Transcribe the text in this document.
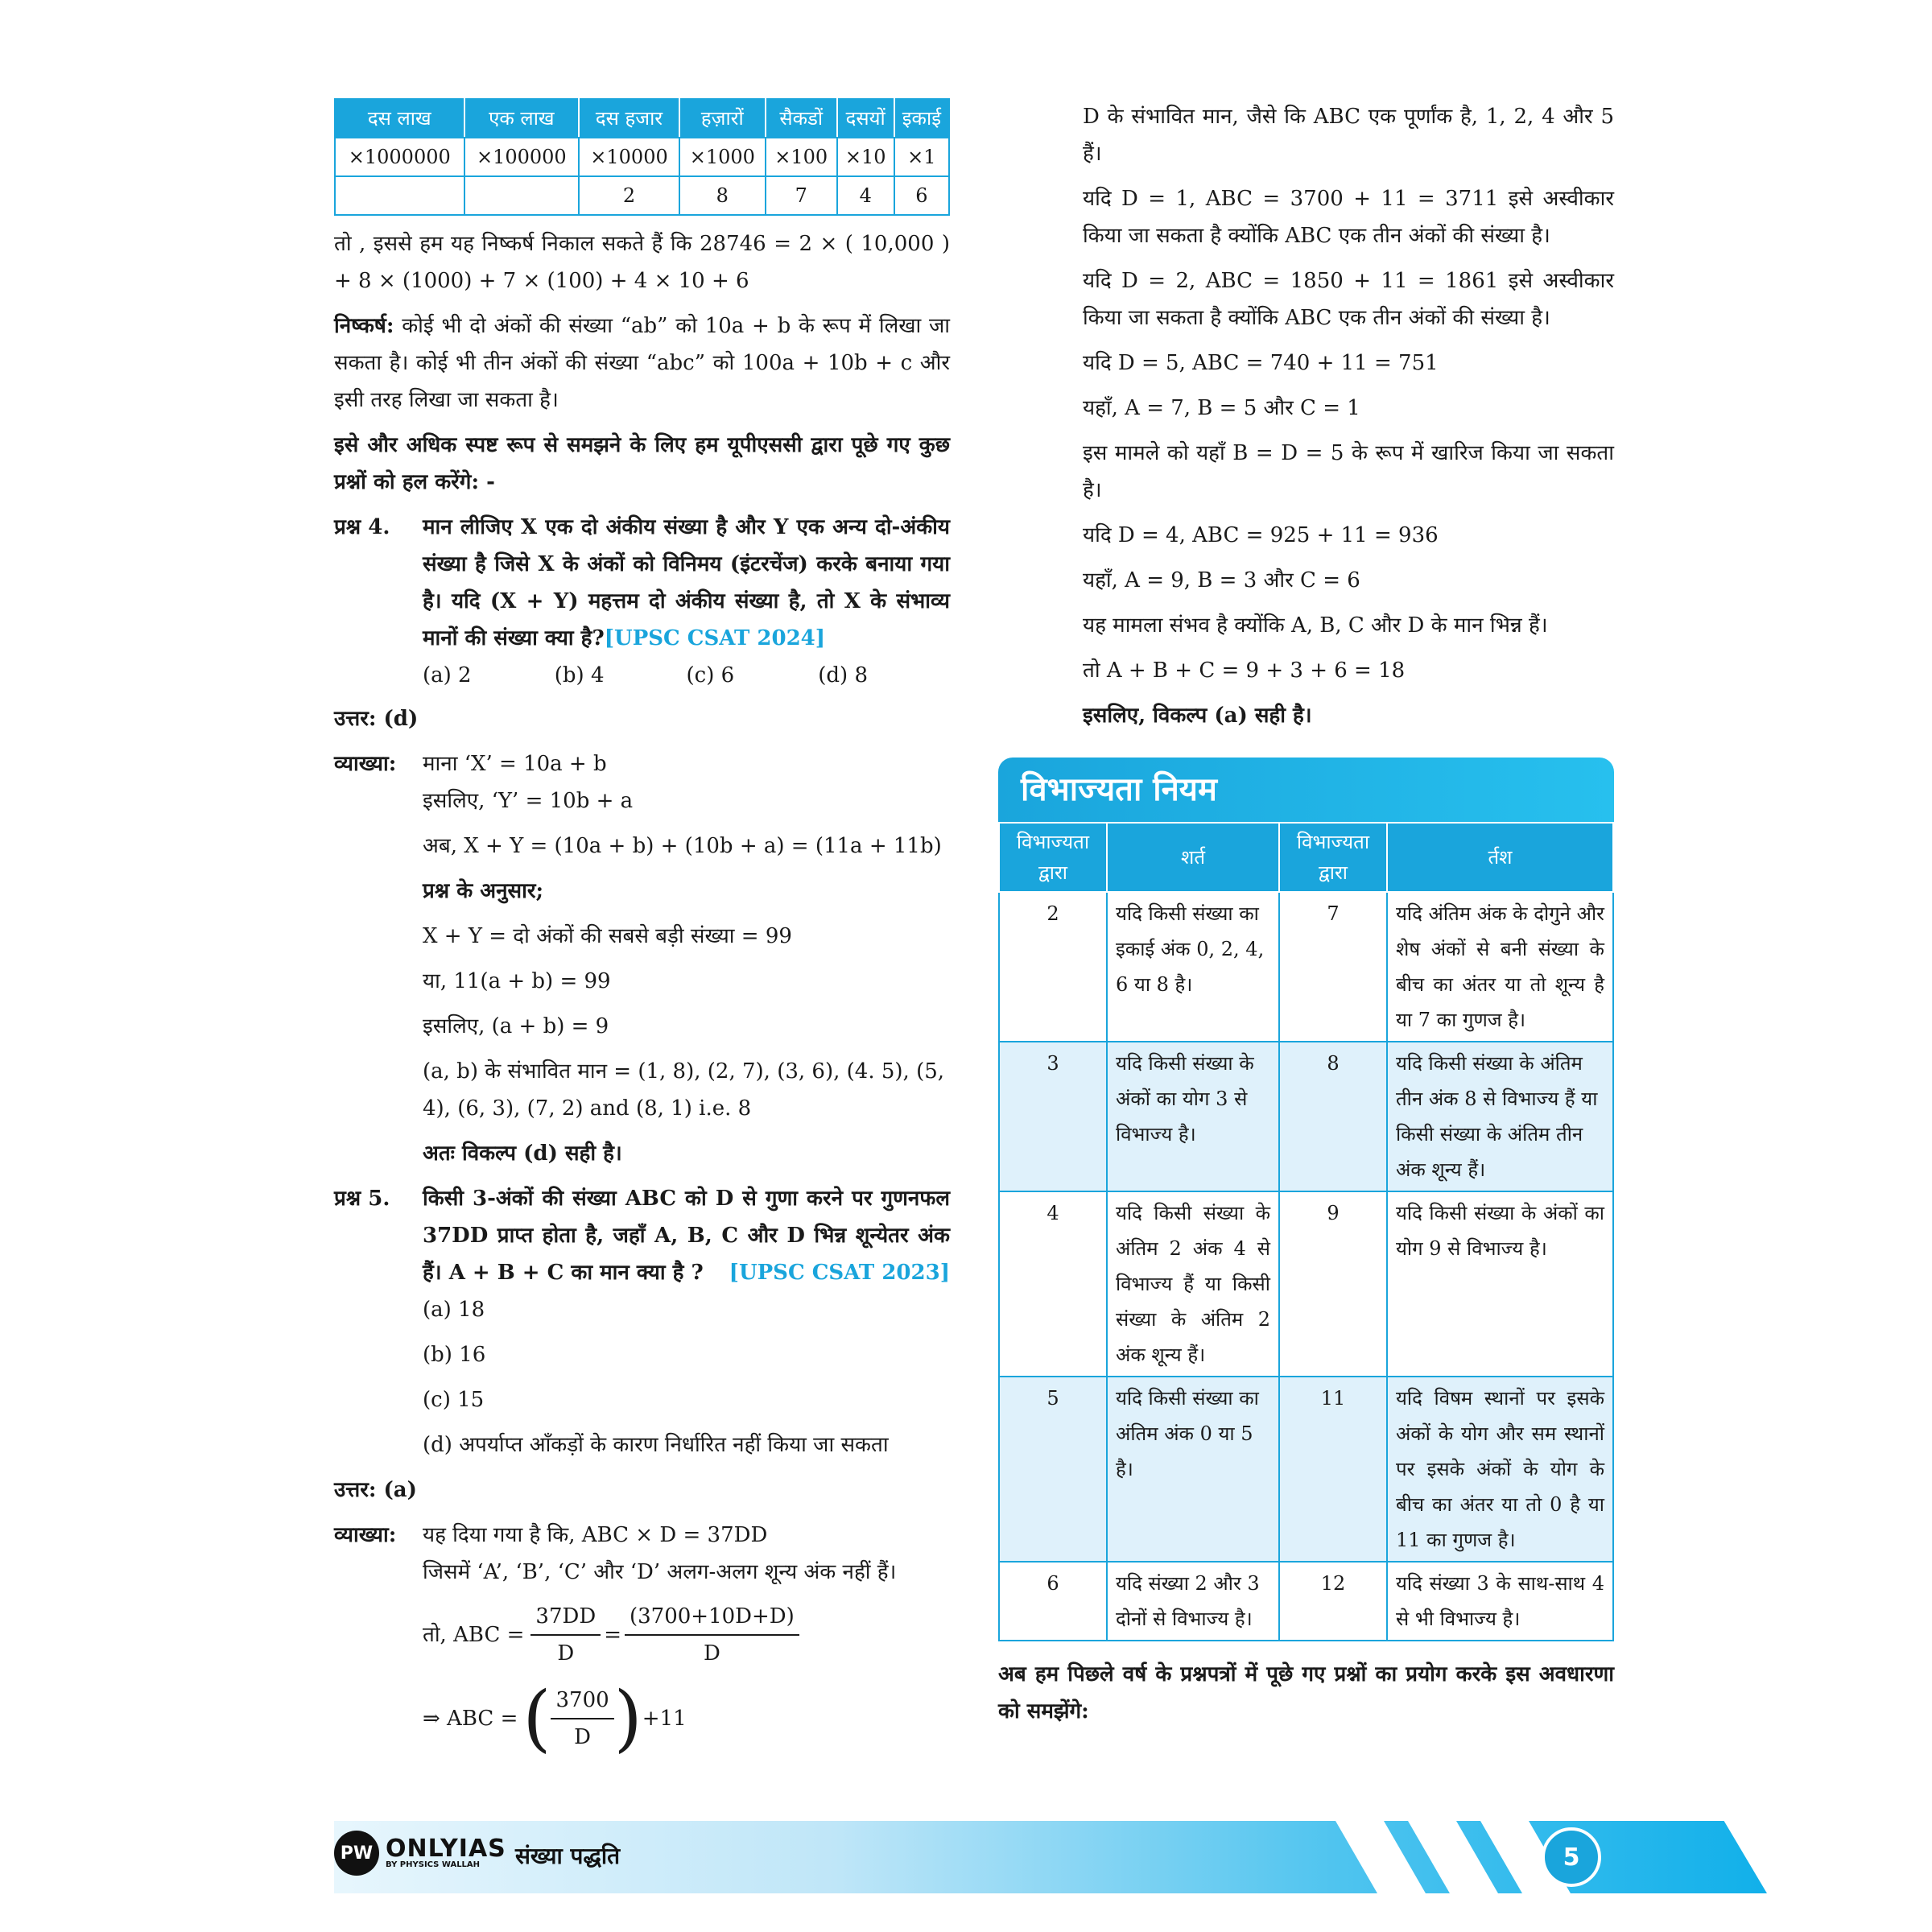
दस लाख	एक लाख	दस हजार	हज़ारों	सैकडों	दसयों	इकाई
×1000000	×100000	×10000	×1000	×100	×10	×1
		2	8	7	4	6

तो , इससे हम यह निष्कर्ष निकाल सकते हैं कि 28746 = 2 × ( 10,000 ) + 8 × (1000) + 7 × (100) + 4 × 10 + 6

निष्कर्ष: कोई भी दो अंकों की संख्या “ab” को 10a + b के रूप में लिखा जा सकता है। कोई भी तीन अंकों की संख्या “abc” को 100a + 10b + c और इसी तरह लिखा जा सकता है।

इसे और अधिक स्पष्ट रूप से समझने के लिए हम यूपीएससी द्वारा पूछे गए कुछ प्रश्नों को हल करेंगे: -

प्रश्न 4.	मान लीजिए X एक दो अंकीय संख्या है और Y एक अन्य दो-अंकीय संख्या है जिसे X के अंकों को विनिमय (इंटरचेंज) करके बनाया गया है। यदि (X + Y) महत्तम दो अंकीय संख्या है, तो X के संभाव्य मानों की संख्या क्या है?[UPSC CSAT 2024]
(a) 2	(b) 4	(c) 6	(d) 8

उत्तर: (d)

व्याख्या:	माना ‘X’ = 10a + b

इसलिए, ‘Y’ = 10b + a

अब, X + Y = (10a + b) + (10b + a) = (11a + 11b)

प्रश्न के अनुसार;

X + Y = दो अंकों की सबसे बड़ी संख्या = 99

या, 11(a + b) = 99

इसलिए, (a + b) = 9

(a, b) के संभावित मान = (1, 8), (2, 7), (3, 6), (4. 5), (5, 4), (6, 3), (7, 2) and (8, 1) i.e. 8

अतः विकल्प (d) सही है।

प्रश्न 5.	किसी 3-अंकों की संख्या ABC को D से गुणा करने पर गुणनफल 37DD प्राप्त होता है, जहाँ A, B, C और D भिन्न शून्येतर अंक हैं। A + B + C का मान क्या है ? [UPSC CSAT 2023]
(a) 18
(b) 16
(c) 15
(d) अपर्याप्त आँकड़ों के कारण निर्धारित नहीं किया जा सकता

उत्तर: (a)

व्याख्या:	यह दिया गया है कि, ABC × D = 37DD

जिसमें ‘A’, ‘B’, ‘C’ और ‘D’ अलग-अलग शून्य अंक नहीं हैं।

तो, ABC = $\frac{37DD}{D} = \frac{(3700+10D+D)}{D}$
⇒ ABC = ( $\frac{3700}{D}$ ) +11

D के संभावित मान, जैसे कि ABC एक पूर्णांक है, 1, 2, 4 और 5 हैं।

यदि D = 1, ABC = 3700 + 11 = 3711 इसे अस्वीकार किया जा सकता है क्योंकि ABC एक तीन अंकों की संख्या है।

यदि D = 2, ABC = 1850 + 11 = 1861 इसे अस्वीकार किया जा सकता है क्योंकि ABC एक तीन अंकों की संख्या है।

यदि D = 5, ABC = 740 + 11 = 751

यहाँ, A = 7, B = 5 और C = 1

इस मामले को यहाँ B = D = 5 के रूप में खारिज किया जा सकता है।

यदि D = 4, ABC = 925 + 11 = 936

यहाँ, A = 9, B = 3 और C = 6

यह मामला संभव है क्योंकि A, B, C और D के मान भिन्न हैं।

तो A + B + C = 9 + 3 + 6 = 18

इसलिए, विकल्प (a) सही है।

विभाज्यता नियम
विभाज्यता द्वारा	शर्त	विभाज्यता द्वारा	र्तश
2	यदि किसी संख्या का इकाई अंक 0, 2, 4, 6 या 8 है।	7	यदि अंतिम अंक के दोगुने और शेष अंकों से बनी संख्या के बीच का अंतर या तो शून्य है या 7 का गुणज है।
3	यदि किसी संख्या के अंकों का योग 3 से विभाज्य है।	8	यदि किसी संख्या के अंतिम तीन अंक 8 से विभाज्य हैं या किसी संख्या के अंतिम तीन अंक शून्य हैं।
4	यदि किसी संख्या के अंतिम 2 अंक 4 से विभाज्य हैं या किसी संख्या के अंतिम 2 अंक शून्य हैं।	9	यदि किसी संख्या के अंकों का योग 9 से विभाज्य है।
5	यदि किसी संख्या का अंतिम अंक 0 या 5 है।	11	यदि विषम स्थानों पर इसके अंकों के योग और सम स्थानों पर इसके अंकों के योग के बीच का अंतर या तो 0 है या 11 का गुणज है।
6	यदि संख्या 2 और 3 दोनों से विभाज्य है।	12	यदि संख्या 3 के साथ-साथ 4 से भी विभाज्य है।

अब हम पिछले वर्ष के प्रश्नपत्रों में पूछे गए प्रश्नों का प्रयोग करके इस अवधारणा को समझेंगे:

PW ONLYIAS
BY PHYSICS WALLAH	संख्या पद्धति	5
